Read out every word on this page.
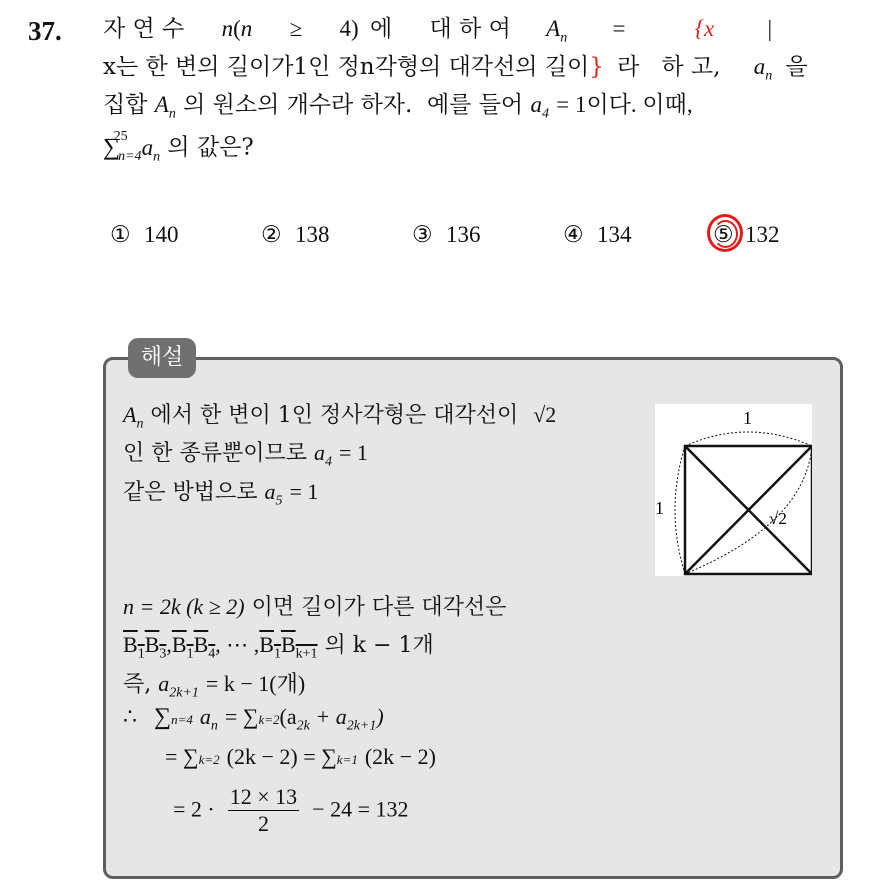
37. 자 연 수 n(n ≥ 4) 에 대 하 여 $A_n$ =	{x |
x는 한 변의 길이가1인 정n각형의 대각선의 길이} 라   하 고, $a_n$ 을
집합 $A_n$ 의 원소의 개수라 하자.  예를 들어 $a_4 = 1$이다. 이때,
$\sum_{n=4}^{25}$ $a_n$ 의 값은?
① 140	② 138	③ 136	④ 134	⑤ 132
해설
$A_n$ 에서 한 변이 1인 정사각형은 대각선이 √2
인 한 종류뿐이므로 $a_4 = 1$
같은 방법으로 $a_5 = 1$
1
1
√2
n = 2k (k ≥ 2) 이면 길이가 다른 대각선은
$B_1B_3,B_1B_4$, ⋯ $,B_1B_{k+1}$ 의 k − 1개
즉, $a_{2k+1} = k - 1$(개)
∴ ∑n=4 $a_n = \sum k=2(a_{2k} + a_{2k+1})$
= ∑k=2 (2k − 2) = ∑k=1 (2k − 2)
= $2 \cdot \frac{12 \times 13}{2} - 24 = 132$
